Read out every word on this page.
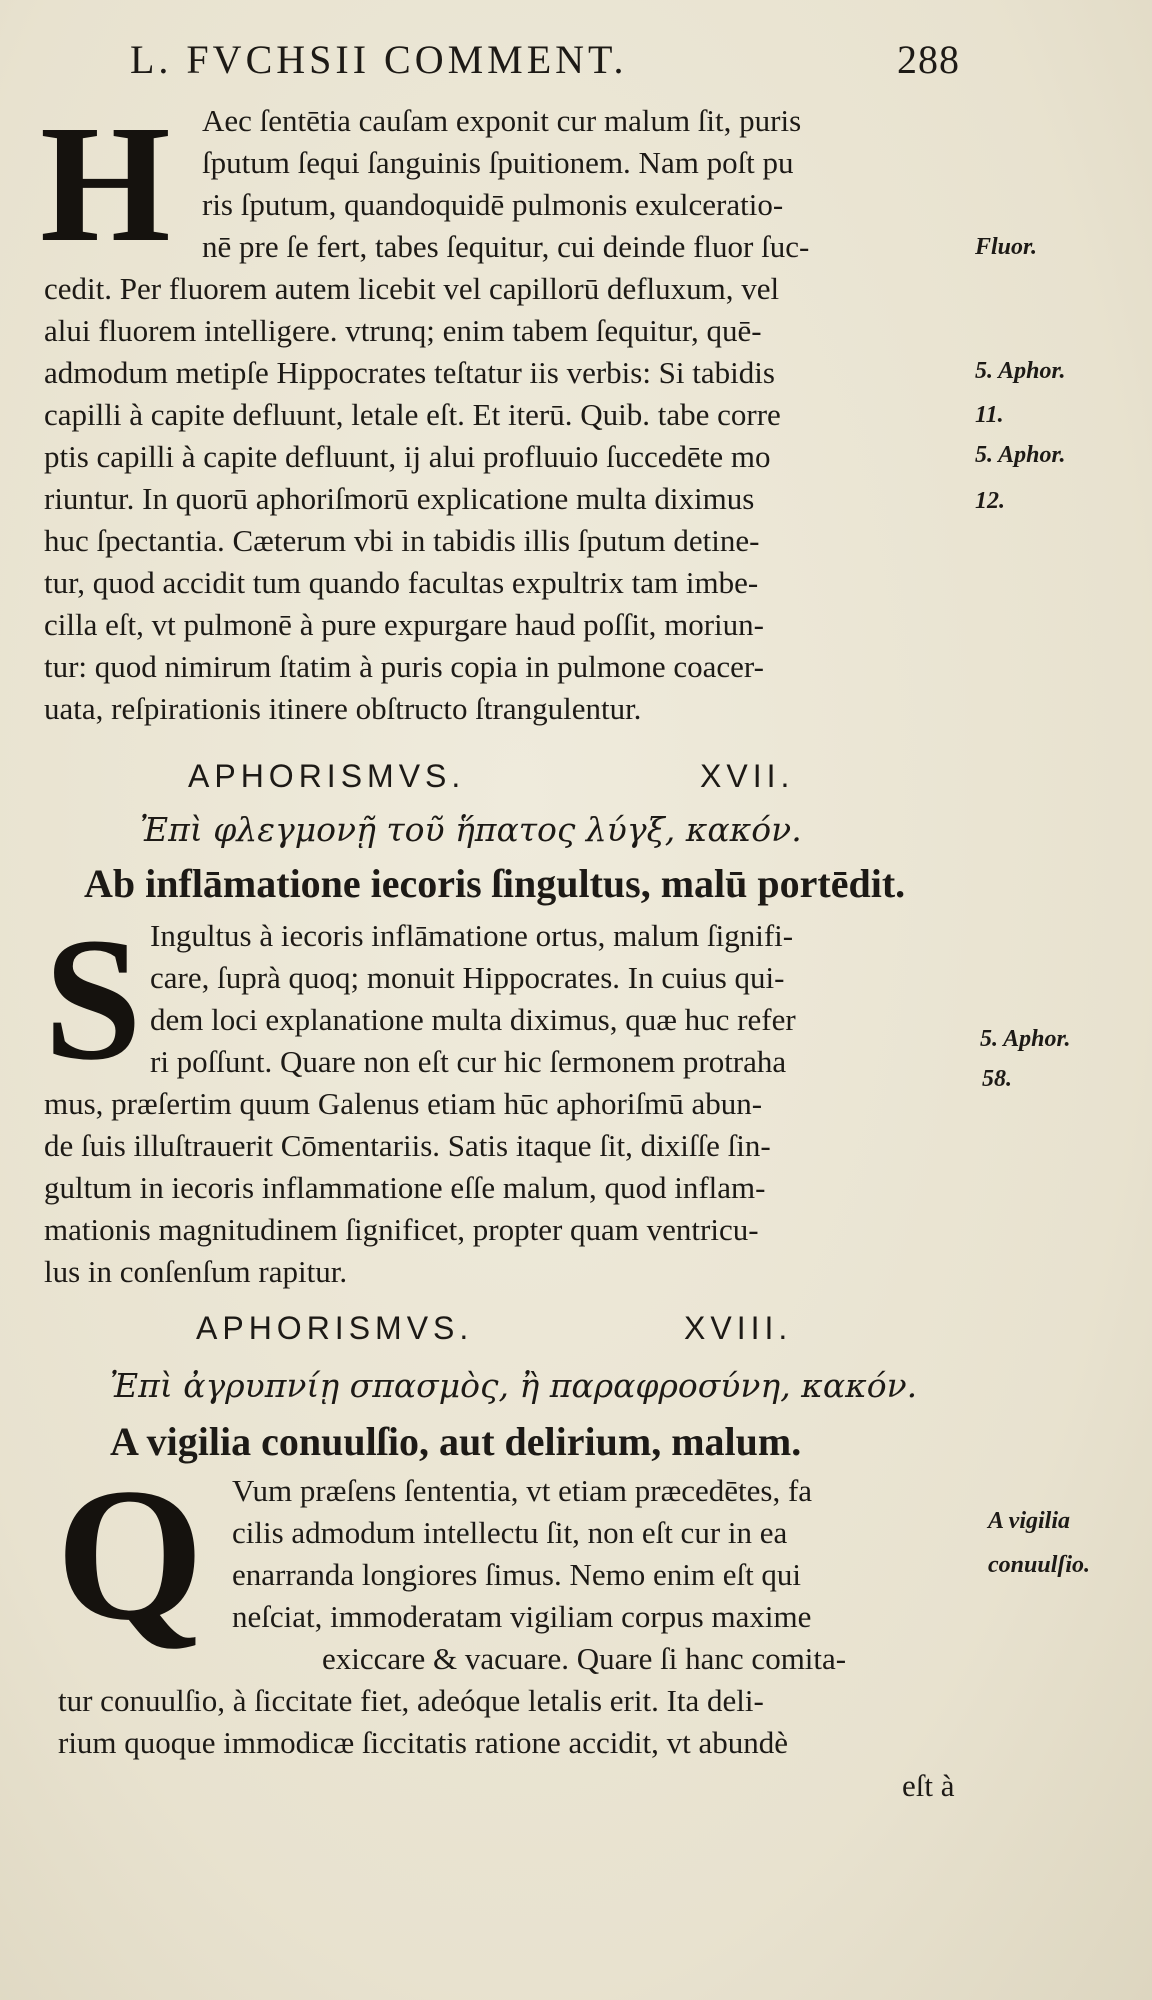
L. FVCHSII COMMENT.	288
H	Aec ſentētia cauſam exponit cur malum ſit, puris
ſputum ſequi ſanguinis ſpuitionem. Nam poſt pu
ris ſputum, quandoquidē pulmonis exulceratio-
nē pre ſe fert, tabes ſequitur, cui deinde fluor ſuc-
cedit. Per fluorem autem licebit vel capillorū defluxum, vel
alui fluorem intelligere. vtrunq; enim tabem ſequitur, quē-
admodum metipſe Hippocrates teſtatur iis verbis: Si tabidis
capilli à capite defluunt, letale eſt. Et iterū. Quib. tabe corre
ptis capilli à capite defluunt, ij alui profluuio ſuccedēte mo
riuntur. In quorū aphoriſmorū explicatione multa diximus
huc ſpectantia. Cæterum vbi in tabidis illis ſputum detine-
tur, quod accidit tum quando facultas expultrix tam imbe-
cilla eſt, vt pulmonē à pure expurgare haud poſſit, moriun-
tur: quod nimirum ſtatim à puris copia in pulmone coacer-
uata, reſpirationis itinere obſtructo ſtrangulentur.
APHORISMVS.	XVII.
Ἐπὶ φλεγμονῇ τοῦ ἥπατος λύγξ, κακόν.
Ab inflāmatione iecoris ſingultus, malū portēdit.
S Ingultus à iecoris inflāmatione ortus, malum ſignifi-
care, ſuprà quoq; monuit Hippocrates. In cuius qui-
dem loci explanatione multa diximus, quæ huc refer
ri poſſunt. Quare non eſt cur hic ſermonem protraha
mus, præſertim quum Galenus etiam hūc aphoriſmū abun-
de ſuis illuſtrauerit Cōmentariis. Satis itaque ſit, dixiſſe ſin-
gultum in iecoris inflammatione eſſe malum, quod inflam-
mationis magnitudinem ſignificet, propter quam ventricu-
lus in conſenſum rapitur.
APHORISMVS.	XVIII.
Ἐπὶ ἀγρυπνίῃ σπασμὸς, ἢ παραφροσύνη, κακόν.
A vigilia conuulſio, aut delirium, malum.
Q Vum præſens ſententia, vt etiam præcedētes, fa
cilis admodum intellectu ſit, non eſt cur in ea
enarranda longiores ſimus. Nemo enim eſt qui
neſciat, immoderatam vigiliam corpus maxime
exiccare & vacuare. Quare ſi hanc comita-
tur conuulſio, à ſiccitate fiet, adeóque letalis erit. Ita deli-
rium quoque immodicæ ſiccitatis ratione accidit, vt abundè
eſt à
Fluor.
5. Aphor.
11.
5. Aphor.
12.
5. Aphor.
58.
A vigilia
conuulſio.
